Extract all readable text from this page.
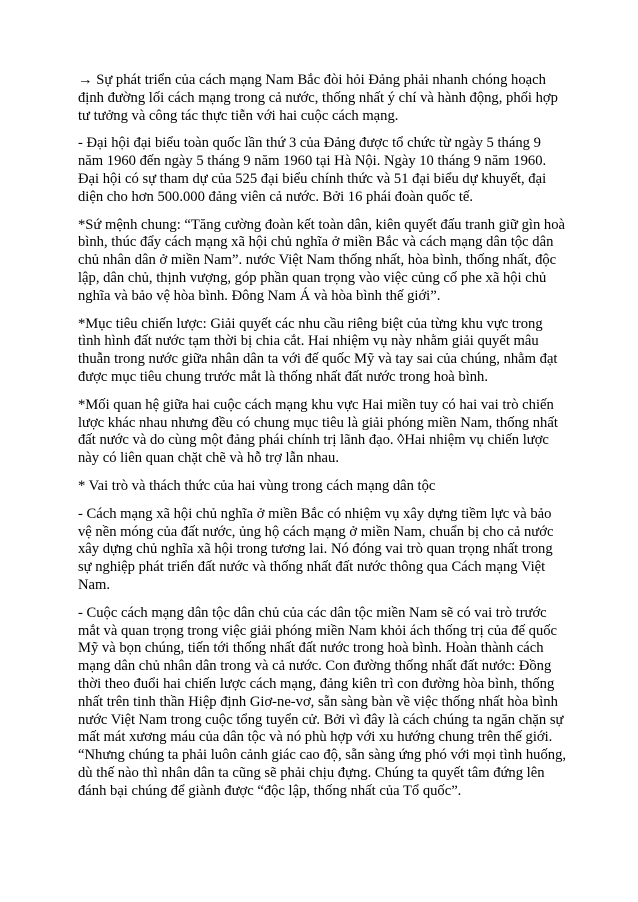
→ Sự phát triển của cách mạng Nam Bắc đòi hỏi Đảng phải nhanh chóng hoạch định đường lối cách mạng trong cả nước, thống nhất ý chí và hành động, phối hợp tư tưởng và công tác thực tiễn với hai cuộc cách mạng.

- Đại hội đại biểu toàn quốc lần thứ 3 của Đảng được tổ chức từ ngày 5 tháng 9 năm 1960 đến ngày 5 tháng 9 năm 1960 tại Hà Nội. Ngày 10 tháng 9 năm 1960. Đại hội có sự tham dự của 525 đại biểu chính thức và 51 đại biểu dự khuyết, đại diện cho hơn 500.000 đảng viên cả nước. Bởi 16 phái đoàn quốc tế.

*Sứ mệnh chung: “Tăng cường đoàn kết toàn dân, kiên quyết đấu tranh giữ gìn hoà bình, thúc đẩy cách mạng xã hội chủ nghĩa ở miền Bắc và cách mạng dân tộc dân chủ nhân dân ở miền Nam”. nước Việt Nam thống nhất, hòa bình, thống nhất, độc lập, dân chủ, thịnh vượng, góp phần quan trọng vào việc củng cố phe xã hội chủ nghĩa và bảo vệ hòa bình. Đông Nam Á và hòa bình thế giới”.

*Mục tiêu chiến lược: Giải quyết các nhu cầu riêng biệt của từng khu vực trong tình hình đất nước tạm thời bị chia cắt. Hai nhiệm vụ này nhằm giải quyết mâu thuẫn trong nước giữa nhân dân ta với đế quốc Mỹ và tay sai của chúng, nhằm đạt được mục tiêu chung trước mắt là thống nhất đất nước trong hoà bình.

*Mối quan hệ giữa hai cuộc cách mạng khu vực Hai miền tuy có hai vai trò chiến lược khác nhau nhưng đều có chung mục tiêu là giải phóng miền Nam, thống nhất đất nước và do cùng một đảng phái chính trị lãnh đạo. ◊Hai nhiệm vụ chiến lược này có liên quan chặt chẽ và hỗ trợ lẫn nhau.

* Vai trò và thách thức của hai vùng trong cách mạng dân tộc

- Cách mạng xã hội chủ nghĩa ở miền Bắc có nhiệm vụ xây dựng tiềm lực và bảo vệ nền móng của đất nước, ủng hộ cách mạng ở miền Nam, chuẩn bị cho cả nước xây dựng chủ nghĩa xã hội trong tương lai. Nó đóng vai trò quan trọng nhất trong sự nghiệp phát triển đất nước và thống nhất đất nước thông qua Cách mạng Việt Nam.

- Cuộc cách mạng dân tộc dân chủ của các dân tộc miền Nam sẽ có vai trò trước mắt và quan trọng trong việc giải phóng miền Nam khỏi ách thống trị của đế quốc Mỹ và bọn chúng, tiến tới thống nhất đất nước trong hoà bình. Hoàn thành cách mạng dân chủ nhân dân trong và cả nước. Con đường thống nhất đất nước: Đồng thời theo đuổi hai chiến lược cách mạng, đảng kiên trì con đường hòa bình, thống nhất trên tinh thần Hiệp định Giơ-ne-vơ, sẵn sàng bàn về việc thống nhất hòa bình nước Việt Nam trong cuộc tổng tuyển cử. Bởi vì đây là cách chúng ta ngăn chặn sự mất mát xương máu của dân tộc và nó phù hợp với xu hướng chung trên thế giới. “Nhưng chúng ta phải luôn cảnh giác cao độ, sẵn sàng ứng phó với mọi tình huống, dù thế nào thì nhân dân ta cũng sẽ phải chịu đựng. Chúng ta quyết tâm đứng lên đánh bại chúng để giành được “độc lập, thống nhất của Tổ quốc”.
